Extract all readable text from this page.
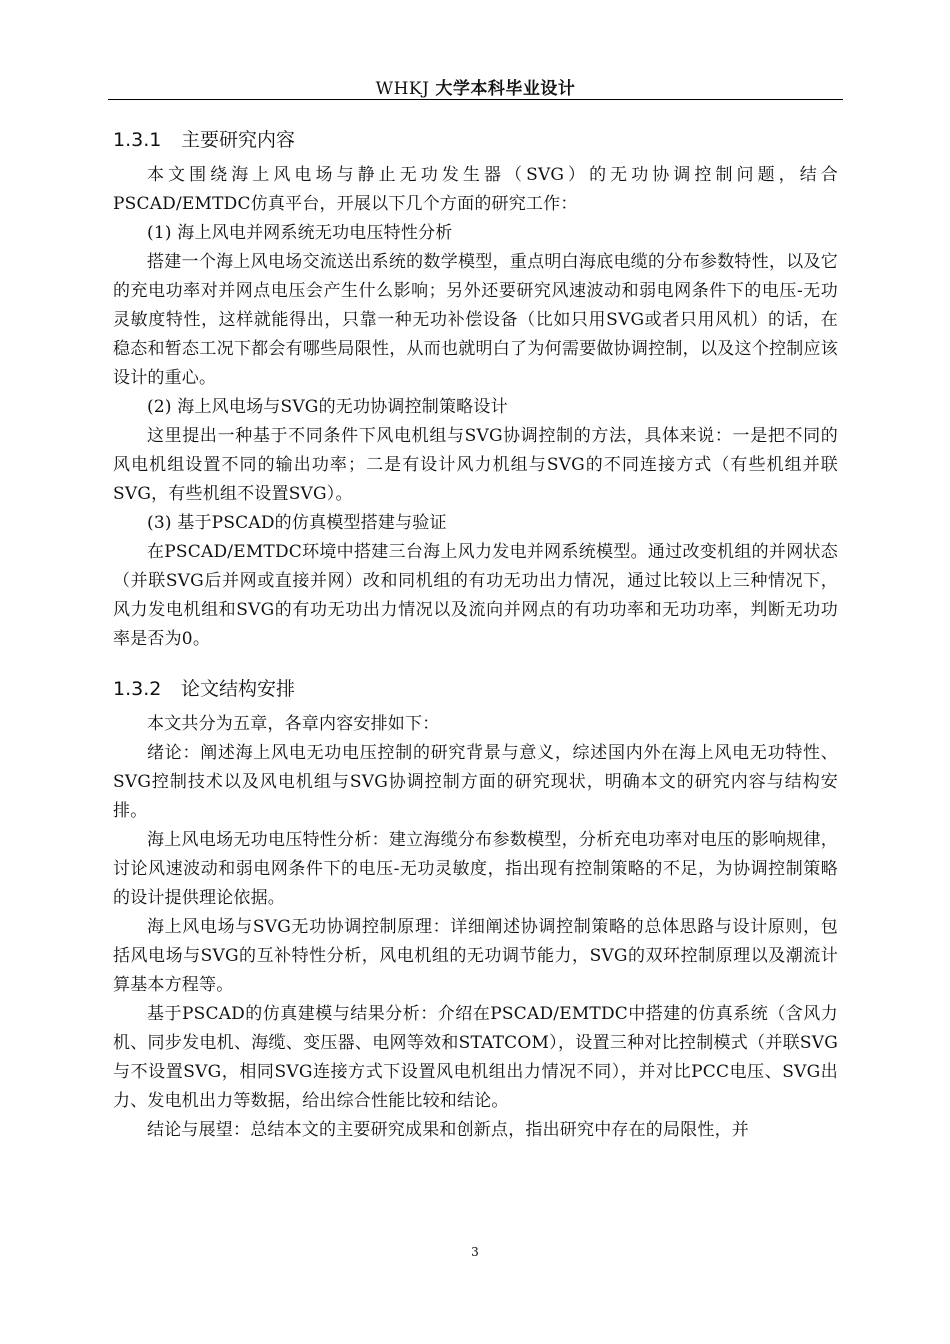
WHKJ 大学本科毕业设计
1.3.1 主要研究内容

本文围绕海上风电场与静止无功发生器（SVG）的无功协调控制问题，结合PSCAD/EMTDC仿真平台，开展以下几个方面的研究工作：

(1) 海上风电并网系统无功电压特性分析

搭建一个海上风电场交流送出系统的数学模型，重点明白海底电缆的分布参数特性，以及它的充电功率对并网点电压会产生什么影响；另外还要研究风速波动和弱电网条件下的电压-无功灵敏度特性，这样就能得出，只靠一种无功补偿设备（比如只用SVG或者只用风机）的话，在稳态和暂态工况下都会有哪些局限性，从而也就明白了为何需要做协调控制，以及这个控制应该设计的重心。

(2) 海上风电场与SVG的无功协调控制策略设计

这里提出一种基于不同条件下风电机组与SVG协调控制的方法，具体来说：一是把不同的风电机组设置不同的输出功率；二是有设计风力机组与SVG的不同连接方式（有些机组并联SVG，有些机组不设置SVG）。

(3) 基于PSCAD的仿真模型搭建与验证

在PSCAD/EMTDC环境中搭建三台海上风力发电并网系统模型。通过改变机组的并网状态（并联SVG后并网或直接并网）改和同机组的有功无功出力情况，通过比较以上三种情况下，风力发电机组和SVG的有功无功出力情况以及流向并网点的有功功率和无功功率，判断无功功率是否为0。

1.3.2 论文结构安排

本文共分为五章，各章内容安排如下：

绪论：阐述海上风电无功电压控制的研究背景与意义，综述国内外在海上风电无功特性、SVG控制技术以及风电机组与SVG协调控制方面的研究现状，明确本文的研究内容与结构安排。

海上风电场无功电压特性分析：建立海缆分布参数模型，分析充电功率对电压的影响规律，讨论风速波动和弱电网条件下的电压-无功灵敏度，指出现有控制策略的不足，为协调控制策略的设计提供理论依据。

海上风电场与SVG无功协调控制原理：详细阐述协调控制策略的总体思路与设计原则，包括风电场与SVG的互补特性分析，风电机组的无功调节能力，SVG的双环控制原理以及潮流计算基本方程等。

基于PSCAD的仿真建模与结果分析：介绍在PSCAD/EMTDC中搭建的仿真系统（含风力机、同步发电机、海缆、变压器、电网等效和STATCOM），设置三种对比控制模式（并联SVG与不设置SVG，相同SVG连接方式下设置风电机组出力情况不同），并对比PCC电压、SVG出力、发电机出力等数据，给出综合性能比较和结论。

结论与展望：总结本文的主要研究成果和创新点，指出研究中存在的局限性，并

3
